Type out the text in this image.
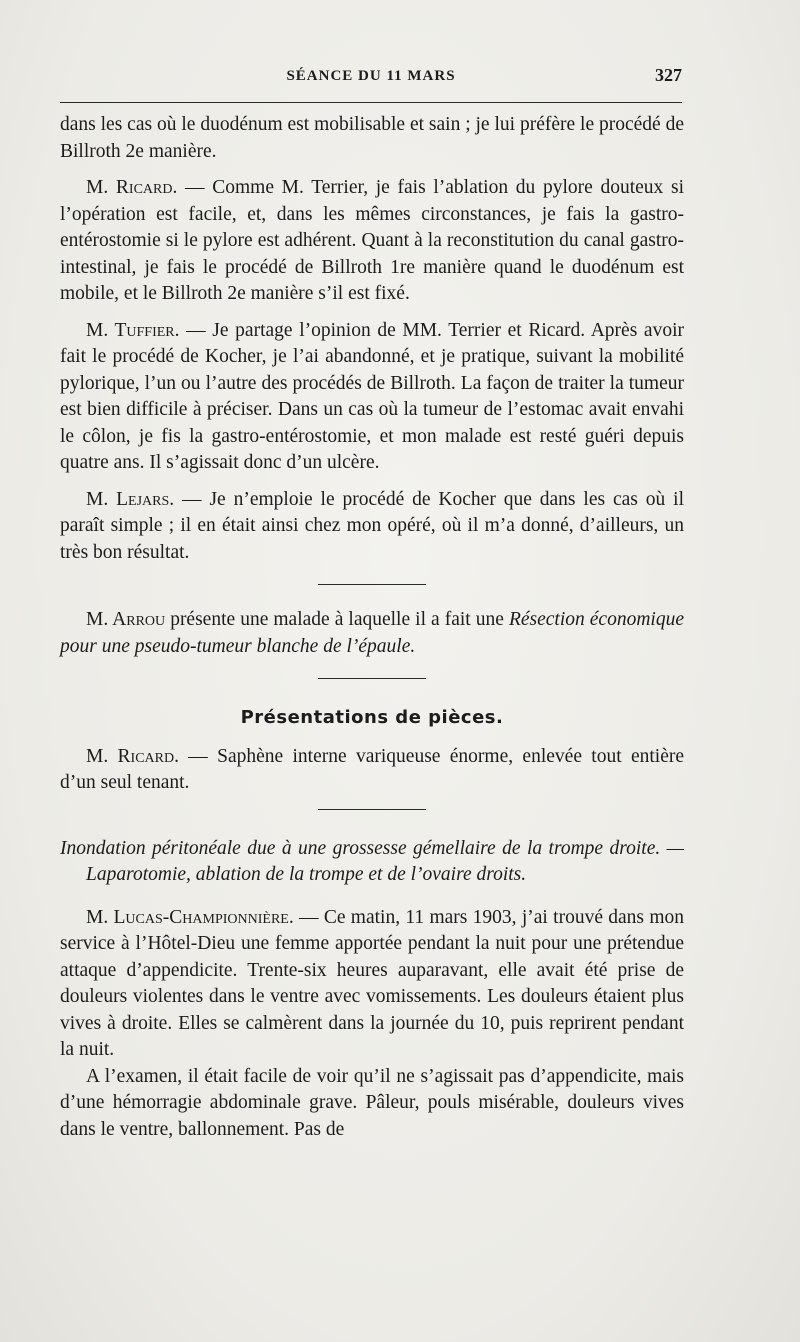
SÉANCE DU 11 MARS	327

dans les cas où le duodénum est mobilisable et sain ; je lui préfère le procédé de Billroth 2e manière.

M. Ricard. — Comme M. Terrier, je fais l’ablation du pylore douteux si l’opération est facile, et, dans les mêmes circonstances, je fais la gastro-entérostomie si le pylore est adhérent. Quant à la reconstitution du canal gastro-intestinal, je fais le procédé de Billroth 1re manière quand le duodénum est mobile, et le Billroth 2e manière s’il est fixé.

M. Tuffier. — Je partage l’opinion de MM. Terrier et Ricard. Après avoir fait le procédé de Kocher, je l’ai abandonné, et je pratique, suivant la mobilité pylorique, l’un ou l’autre des procédés de Billroth. La façon de traiter la tumeur est bien difficile à préciser. Dans un cas où la tumeur de l’estomac avait envahi le côlon, je fis la gastro-entérostomie, et mon malade est resté guéri depuis quatre ans. Il s’agissait donc d’un ulcère.

M. Lejars. — Je n’emploie le procédé de Kocher que dans les cas où il paraît simple ; il en était ainsi chez mon opéré, où il m’a donné, d’ailleurs, un très bon résultat.

M. Arrou présente une malade à laquelle il a fait une Résection économique pour une pseudo-tumeur blanche de l’épaule.

Présentations de pièces.

M. Ricard. — Saphène interne variqueuse énorme, enlevée tout entière d’un seul tenant.

Inondation péritonéale due à une grossesse gémellaire de la trompe droite. — Laparotomie, ablation de la trompe et de l’ovaire droits.

M. Lucas-Championnière. — Ce matin, 11 mars 1903, j’ai trouvé dans mon service à l’Hôtel-Dieu une femme apportée pendant la nuit pour une prétendue attaque d’appendicite. Trente-six heures auparavant, elle avait été prise de douleurs violentes dans le ventre avec vomissements. Les douleurs étaient plus vives à droite. Elles se calmèrent dans la journée du 10, puis reprirent pendant la nuit.

A l’examen, il était facile de voir qu’il ne s’agissait pas d’appendicite, mais d’une hémorragie abdominale grave. Pâleur, pouls misérable, douleurs vives dans le ventre, ballonnement. Pas de
